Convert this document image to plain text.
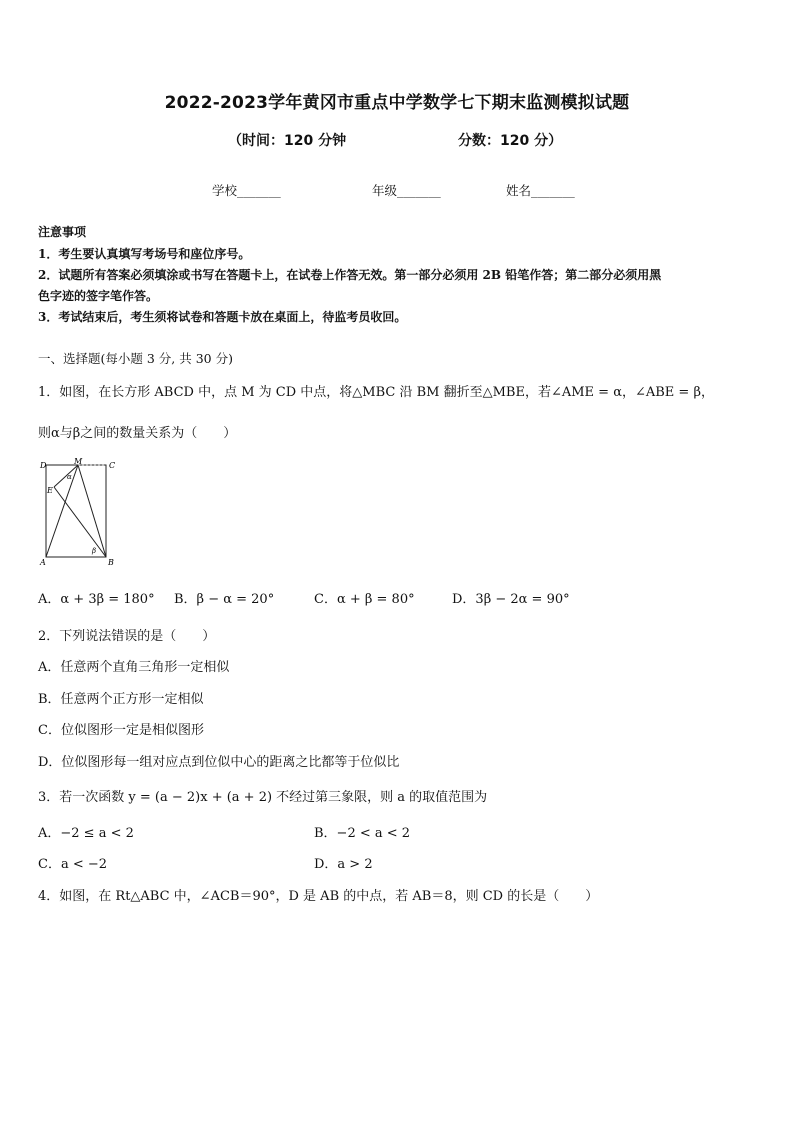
2022-2023学年黄冈市重点中学数学七下期末监测模拟试题
（时间：120 分钟	分数：120 分）
学校_______	年级_______	姓名_______
注意事项
1．考生要认真填写考场号和座位序号。
2．试题所有答案必须填涂或书写在答题卡上，在试卷上作答无效。第一部分必须用 2B 铅笔作答；第二部分必须用黑
色字迹的签字笔作答。
3．考试结束后，考生须将试卷和答题卡放在桌面上，待监考员收回。
一、选择题(每小题 3 分, 共 30 分)
1．如图，在长方形 ABCD 中，点 M 为 CD 中点，将△MBC 沿 BM 翻折至△MBE，若∠AME = α，∠ABE = β，
则α与β之间的数量关系为（　　）
D	M	C
α
E
β
A	B
A．α + 3β = 180° B．β − α = 20°	C．α + β = 80°	D．3β − 2α = 90°
2．下列说法错误的是（　　）
A．任意两个直角三角形一定相似
B．任意两个正方形一定相似
C．位似图形一定是相似图形
D．位似图形每一组对应点到位似中心的距离之比都等于位似比
3．若一次函数 y = (a − 2)x + (a + 2) 不经过第三象限，则 a 的取值范围为
A．−2 ≤ a < 2	B．−2 < a < 2
C．a < −2	D．a > 2
4．如图，在 Rt△ABC 中，∠ACB＝90°，D 是 AB 的中点，若 AB＝8，则 CD 的长是（　　）
